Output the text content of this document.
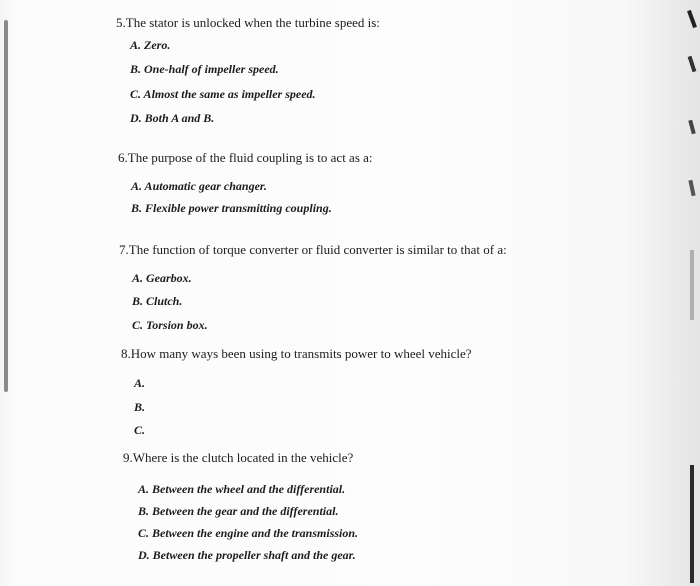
5.The stator is unlocked when the turbine speed is:
A. Zero.
B. One-half of impeller speed.
C. Almost the same as impeller speed.
D. Both A and B.
6.The purpose of the fluid coupling is to act as a:
A. Automatic gear changer.
B. Flexible power transmitting coupling.
7.The function of torque converter or fluid converter is similar to that of a:
A. Gearbox.
B. Clutch.
C. Torsion box.
8.How many ways been using to transmits power to wheel vehicle?
A.
B.
C.
9.Where is the clutch located in the vehicle?
A. Between the wheel and the differential.
B. Between the gear and the differential.
C. Between the engine and the transmission.
D. Between the propeller shaft and the gear.
